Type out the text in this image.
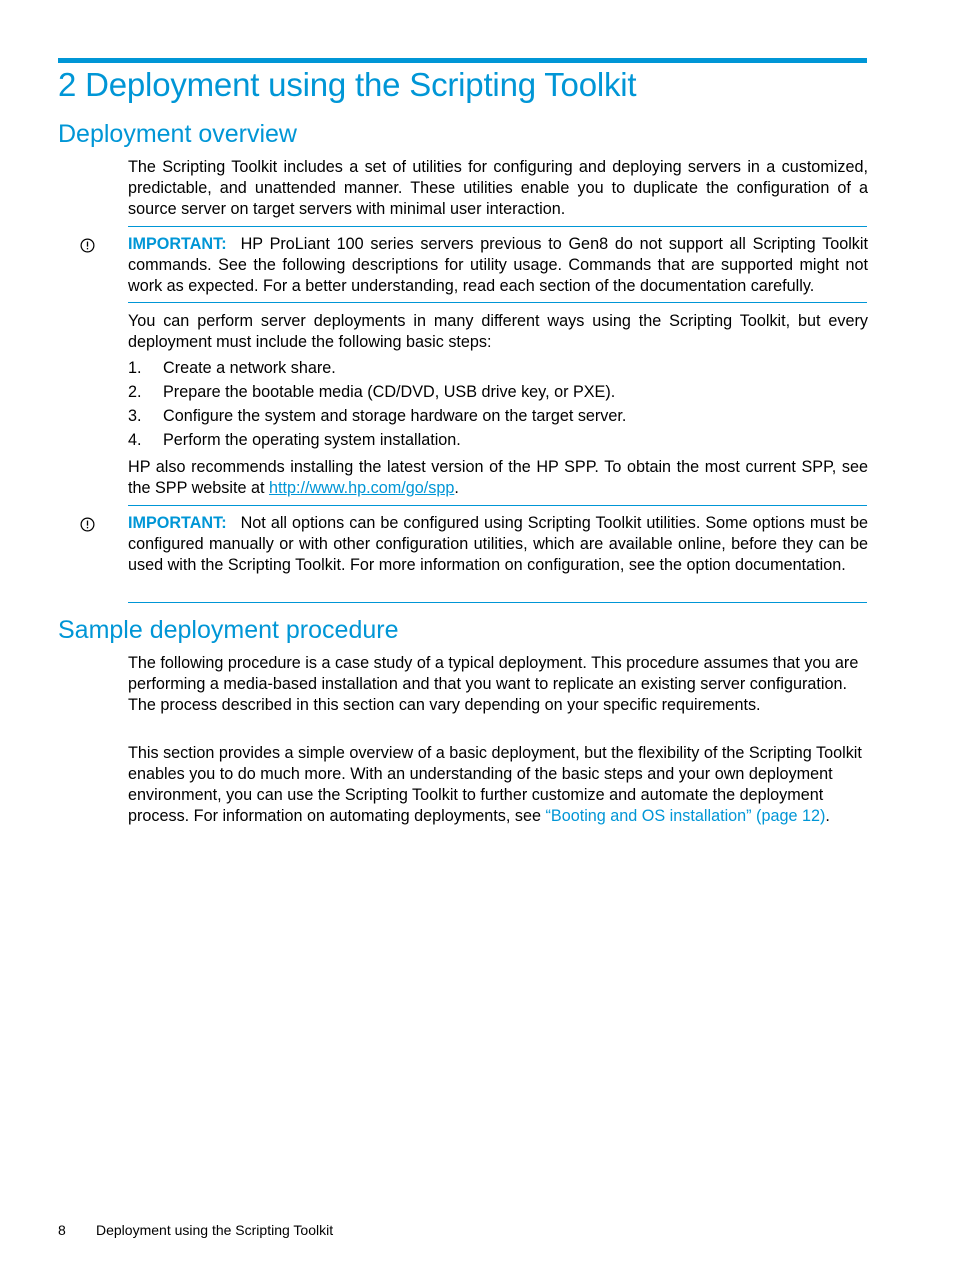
2 Deployment using the Scripting Toolkit
Deployment overview

The Scripting Toolkit includes a set of utilities for configuring and deploying servers in a customized, predictable, and unattended manner. These utilities enable you to duplicate the configuration of a source server on target servers with minimal user interaction.

IMPORTANT: HP ProLiant 100 series servers previous to Gen8 do not support all Scripting Toolkit commands. See the following descriptions for utility usage. Commands that are supported might not work as expected. For a better understanding, read each section of the documentation carefully.

You can perform server deployments in many different ways using the Scripting Toolkit, but every deployment must include the following basic steps:

1. Create a network share.
2. Prepare the bootable media (CD/DVD, USB drive key, or PXE).
3. Configure the system and storage hardware on the target server.
4. Perform the operating system installation.

HP also recommends installing the latest version of the HP SPP. To obtain the most current SPP, see the SPP website at http://www.hp.com/go/spp.

IMPORTANT: Not all options can be configured using Scripting Toolkit utilities. Some options must be configured manually or with other configuration utilities, which are available online, before they can be used with the Scripting Toolkit. For more information on configuration, see the option documentation.

Sample deployment procedure

The following procedure is a case study of a typical deployment. This procedure assumes that you are performing a media-based installation and that you want to replicate an existing server configuration. The process described in this section can vary depending on your specific requirements.

This section provides a simple overview of a basic deployment, but the flexibility of the Scripting Toolkit enables you to do much more. With an understanding of the basic steps and your own deployment environment, you can use the Scripting Toolkit to further customize and automate the deployment process. For information on automating deployments, see “Booting and OS installation” (page 12).

8 Deployment using the Scripting Toolkit
